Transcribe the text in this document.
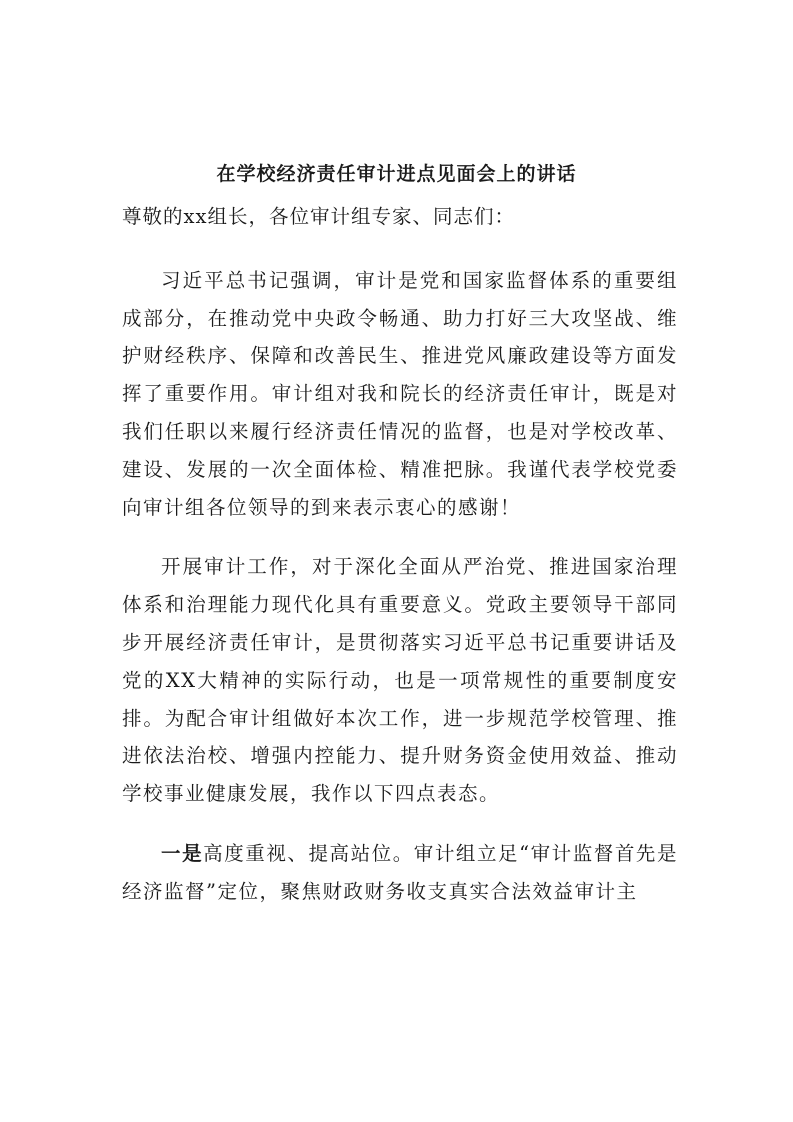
在学校经济责任审计进点见面会上的讲话

尊敬的xx组长，各位审计组专家、同志们：

习近平总书记强调，审计是党和国家监督体系的重要组成部分，在推动党中央政令畅通、助力打好三大攻坚战、维护财经秩序、保障和改善民生、推进党风廉政建设等方面发挥了重要作用。审计组对我和院长的经济责任审计，既是对我们任职以来履行经济责任情况的监督，也是对学校改革、建设、发展的一次全面体检、精准把脉。我谨代表学校党委向审计组各位领导的到来表示衷心的感谢！

开展审计工作，对于深化全面从严治党、推进国家治理体系和治理能力现代化具有重要意义。党政主要领导干部同步开展经济责任审计，是贯彻落实习近平总书记重要讲话及党的XX大精神的实际行动，也是一项常规性的重要制度安排。为配合审计组做好本次工作，进一步规范学校管理、推进依法治校、增强内控能力、提升财务资金使用效益、推动学校事业健康发展，我作以下四点表态。

一是高度重视、提高站位。审计组立足“审计监督首先是经济监督”定位，聚焦财政财务收支真实合法效益审计主
